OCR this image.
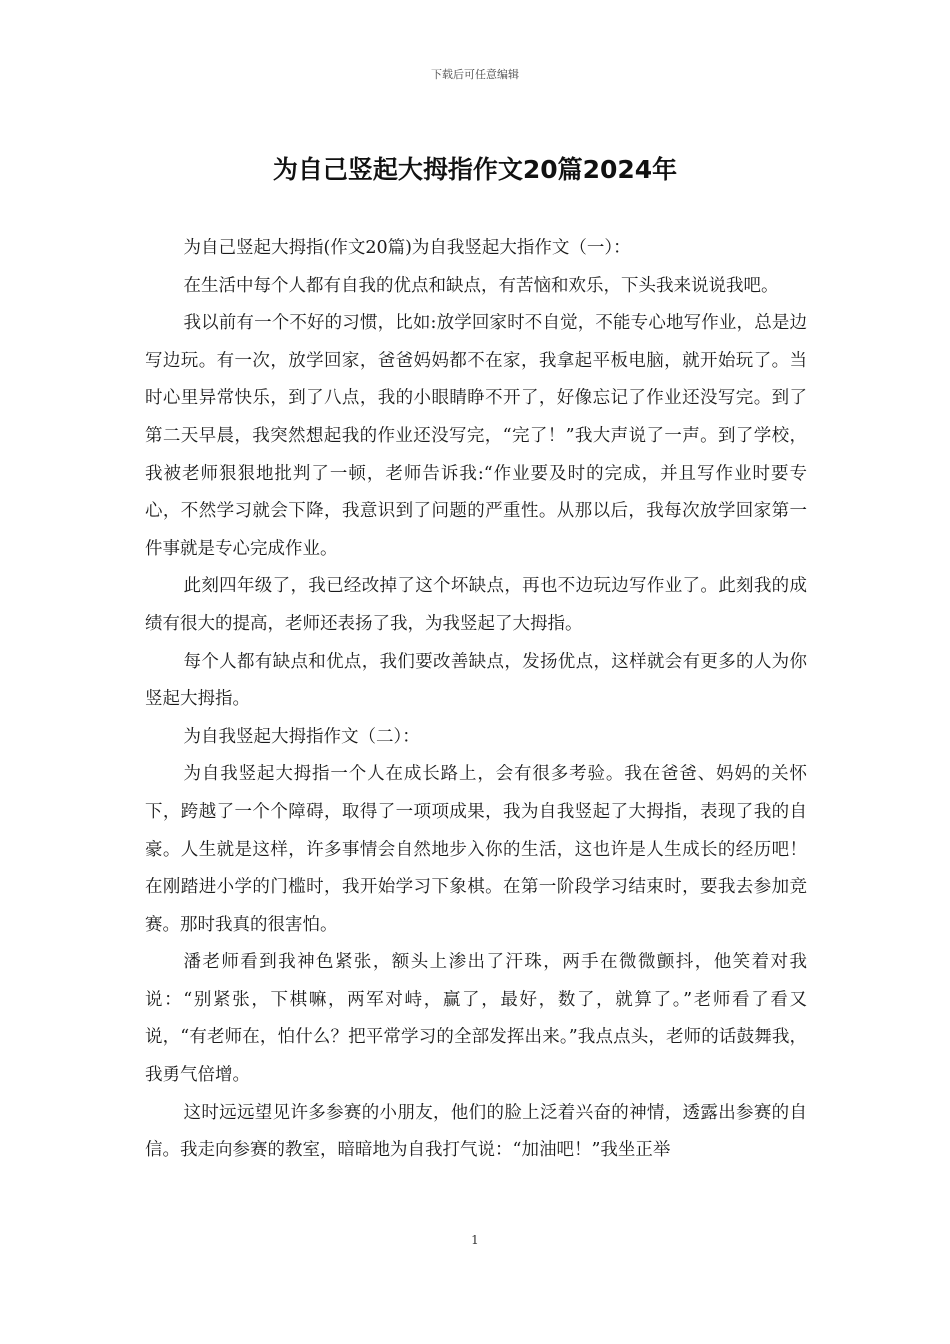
下载后可任意编辑
为自己竖起大拇指作文20篇2024年

为自己竖起大拇指(作文20篇)为自我竖起大指作文（一）：

在生活中每个人都有自我的优点和缺点，有苦恼和欢乐，下头我来说说我吧。

我以前有一个不好的习惯，比如:放学回家时不自觉，不能专心地写作业，总是边写边玩。有一次，放学回家，爸爸妈妈都不在家，我拿起平板电脑，就开始玩了。当时心里异常快乐，到了八点，我的小眼睛睁不开了，好像忘记了作业还没写完。到了第二天早晨，我突然想起我的作业还没写完，“完了！”我大声说了一声。到了学校，我被老师狠狠地批判了一顿，老师告诉我:“作业要及时的完成，并且写作业时要专心，不然学习就会下降，我意识到了问题的严重性。从那以后，我每次放学回家第一件事就是专心完成作业。

此刻四年级了，我已经改掉了这个坏缺点，再也不边玩边写作业了。此刻我的成绩有很大的提高，老师还表扬了我，为我竖起了大拇指。

每个人都有缺点和优点，我们要改善缺点，发扬优点，这样就会有更多的人为你竖起大拇指。

为自我竖起大拇指作文（二）：

为自我竖起大拇指一个人在成长路上，会有很多考验。我在爸爸、妈妈的关怀下，跨越了一个个障碍，取得了一项项成果，我为自我竖起了大拇指，表现了我的自豪。人生就是这样，许多事情会自然地步入你的生活，这也许是人生成长的经历吧！在刚踏进小学的门槛时，我开始学习下象棋。在第一阶段学习结束时，要我去参加竞赛。那时我真的很害怕。

潘老师看到我神色紧张，额头上渗出了汗珠，两手在微微颤抖，他笑着对我说：“别紧张，下棋嘛，两军对峙，赢了，最好，数了，就算了。”老师看了看又说，“有老师在，怕什么？把平常学习的全部发挥出来。”我点点头，老师的话鼓舞我，我勇气倍增。

这时远远望见许多参赛的小朋友，他们的脸上泛着兴奋的神情，透露出参赛的自信。我走向参赛的教室，暗暗地为自我打气说：“加油吧！”我坐正举

1
